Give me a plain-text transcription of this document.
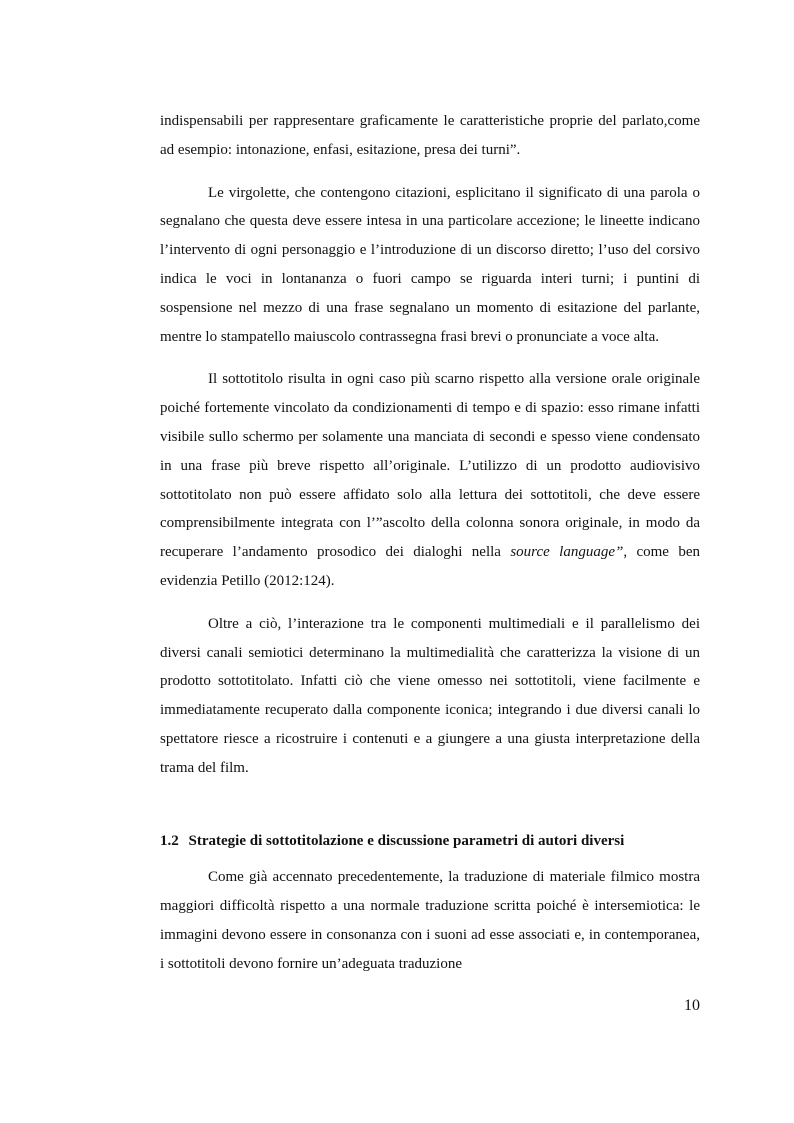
indispensabili per rappresentare graficamente le caratteristiche proprie del parlato,come ad esempio: intonazione, enfasi, esitazione, presa dei turni”.

Le virgolette, che contengono citazioni, esplicitano il significato di una parola o segnalano che questa deve essere intesa in una particolare accezione; le lineette indicano l’intervento di ogni personaggio e l’introduzione di un discorso diretto; l’uso del corsivo indica le voci in lontananza o fuori campo se riguarda interi turni; i puntini di sospensione nel mezzo di una frase segnalano un momento di esitazione del parlante, mentre lo stampatello maiuscolo contrassegna frasi brevi o pronunciate a voce alta.

Il sottotitolo risulta in ogni caso più scarno rispetto alla versione orale originale poiché fortemente vincolato da condizionamenti di tempo e di spazio: esso rimane infatti visibile sullo schermo per solamente una manciata di secondi e spesso viene condensato in una frase più breve rispetto all’originale. L’utilizzo di un prodotto audiovisivo sottotitolato non può essere affidato solo alla lettura dei sottotitoli, che deve essere comprensibilmente integrata con l’”ascolto della colonna sonora originale, in modo da recuperare l’andamento prosodico dei dialoghi nella source language”, come ben evidenzia Petillo (2012:124).

Oltre a ciò, l’interazione tra le componenti multimediali e il parallelismo dei diversi canali semiotici determinano la multimedialità che caratterizza la visione di un prodotto sottotitolato. Infatti ciò che viene omesso nei sottotitoli, viene facilmente e immediatamente recuperato dalla componente iconica; integrando i due diversi canali lo spettatore riesce a ricostruire i contenuti e a giungere a una giusta interpretazione della trama del film.

1.2 Strategie di sottotitolazione e discussione parametri di autori diversi

Come già accennato precedentemente, la traduzione di materiale filmico mostra maggiori difficoltà rispetto a una normale traduzione scritta poiché è intersemiotica: le immagini devono essere in consonanza con i suoni ad esse associati e, in contemporanea, i sottotitoli devono fornire un’adeguata traduzione

10
